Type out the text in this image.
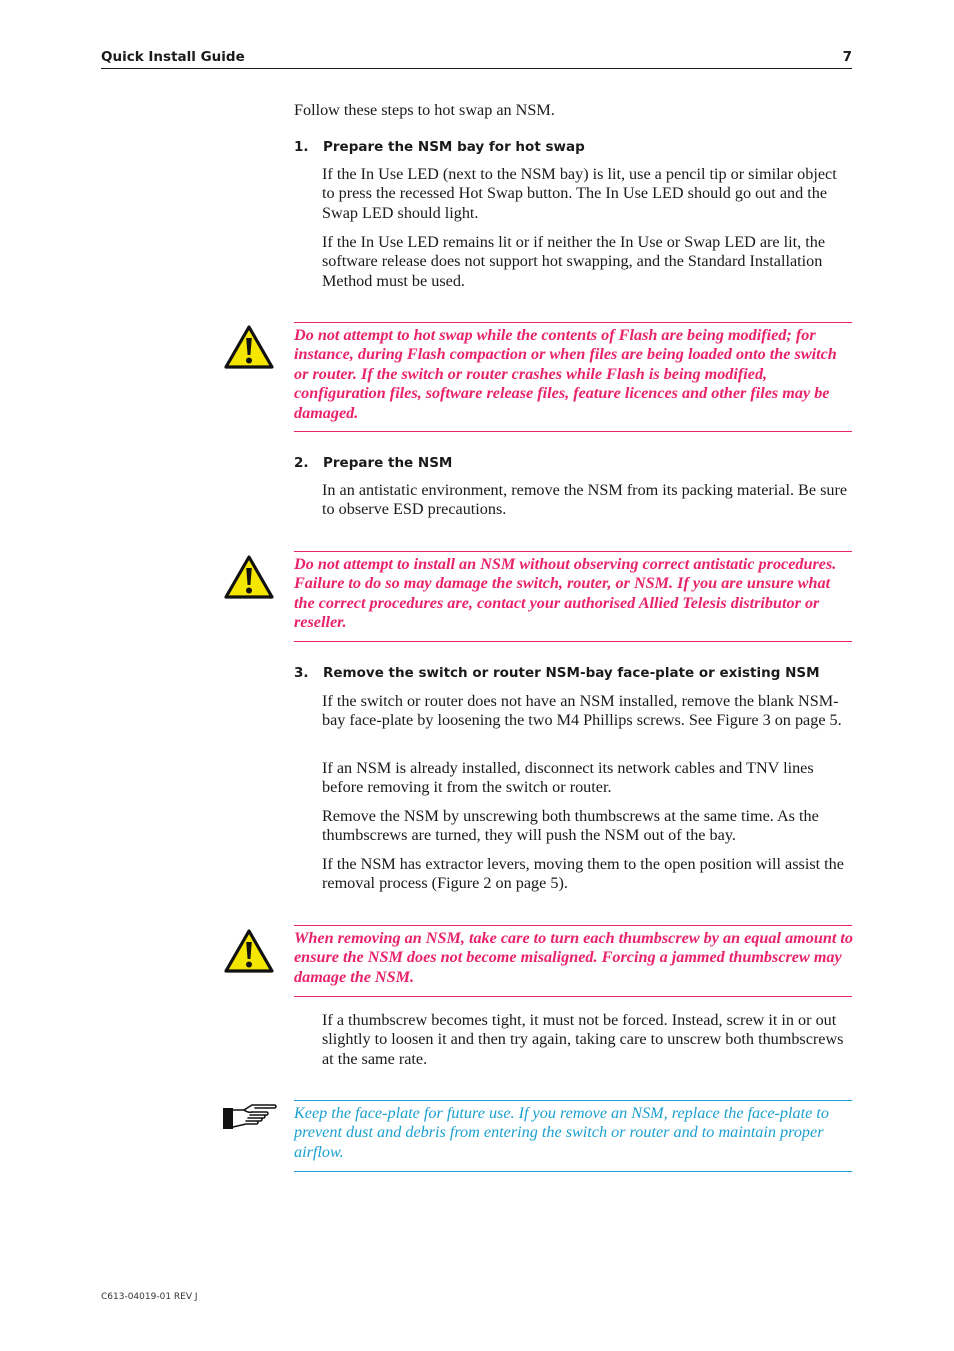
Quick Install Guide	7
Follow these steps to hot swap an NSM.
1. Prepare the NSM bay for hot swap
If the In Use LED (next to the NSM bay) is lit, use a pencil tip or similar object to press the recessed Hot Swap button. The In Use LED should go out and the Swap LED should light.
If the In Use LED remains lit or if neither the In Use or Swap LED are lit, the software release does not support hot swapping, and the Standard Installation Method must be used.
Do not attempt to hot swap while the contents of Flash are being modified; for instance, during Flash compaction or when files are being loaded onto the switch or router. If the switch or router crashes while Flash is being modified, configuration files, software release files, feature licences and other files may be damaged.
2. Prepare the NSM
In an antistatic environment, remove the NSM from its packing material. Be sure to observe ESD precautions.
Do not attempt to install an NSM without observing correct antistatic procedures. Failure to do so may damage the switch, router, or NSM. If you are unsure what the correct procedures are, contact your authorised Allied Telesis distributor or reseller.
3. Remove the switch or router NSM-bay face-plate or existing NSM
If the switch or router does not have an NSM installed, remove the blank NSM-bay face-plate by loosening the two M4 Phillips screws. See Figure 3 on page 5.
If an NSM is already installed, disconnect its network cables and TNV lines before removing it from the switch or router.
Remove the NSM by unscrewing both thumbscrews at the same time. As the thumbscrews are turned, they will push the NSM out of the bay.
If the NSM has extractor levers, moving them to the open position will assist the removal process (Figure 2 on page 5).
When removing an NSM, take care to turn each thumbscrew by an equal amount to ensure the NSM does not become misaligned. Forcing a jammed thumbscrew may damage the NSM.
If a thumbscrew becomes tight, it must not be forced. Instead, screw it in or out slightly to loosen it and then try again, taking care to unscrew both thumbscrews at the same rate.
Keep the face-plate for future use. If you remove an NSM, replace the face-plate to prevent dust and debris from entering the switch or router and to maintain proper airflow.
C613-04019-01 REV J
